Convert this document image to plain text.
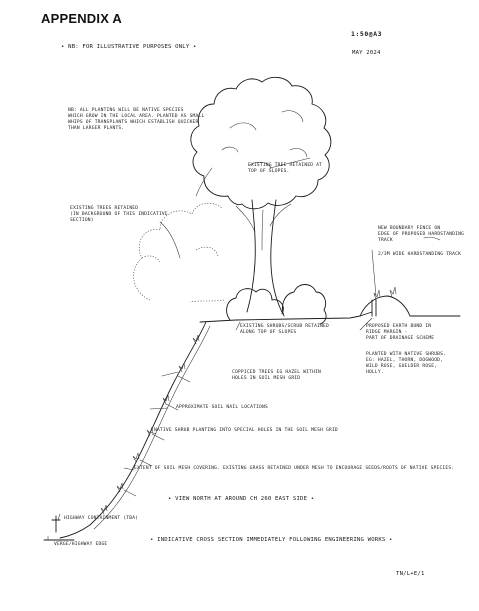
APPENDIX A
• NB: FOR ILLUSTRATIVE PURPOSES ONLY •
1:50@A3
MAY 2024
NB: ALL PLANTING WILL BE NATIVE SPECIES
WHICH GROW IN THE LOCAL AREA. PLANTED AS SMALL
WHIPS OF TRANSPLANTS WHICH ESTABLISH QUICKER
THAN LARGER PLANTS.
EXISTING TREE RETAINED AT
TOP OF SLOPES.
EXISTING TREES RETAINED
(IN BACKGROUND OF THIS INDICATIVE
SECTION)
NEW BOUNDARY FENCE ON
EDGE OF PROPOSED HARDSTANDING
TRACK
2/3M WIDE HARDSTANDING TRACK
EXISTING SHRUBS/SCRUB RETAINED
ALONG TOP OF SLOPES
PROPOSED EARTH BUND IN
RIDGE MARGIN -
PART OF DRAINAGE SCHEME
PLANTED WITH NATIVE SHRUBS.
EG: HAZEL, THORN, DOGWOOD,
WILD ROSE, GUELDER ROSE,
HOLLY.
COPPICED TREES EG HAZEL WITHIN
HOLES IN SOIL MESH GRID
APPROXIMATE SOIL NAIL LOCATIONS
NATIVE SHRUB PLANTING INTO SPECIAL HOLES IN THE SOIL MESH GRID
EXTENT OF SOIL MESH COVERING. EXISTING GRASS RETAINED UNDER MESH TO ENCOURAGE SEEDS/ROOTS OF NATIVE SPECIES.
• VIEW NORTH AT AROUND CH 260 EAST SIDE •
• INDICATIVE CROSS SECTION IMMEDIATELY FOLLOWING ENGINEERING WORKS •
HIGHWAY CONTAINMENT (TBA)
VERGE/HIGHWAY EDGE
TN/L+E/1
